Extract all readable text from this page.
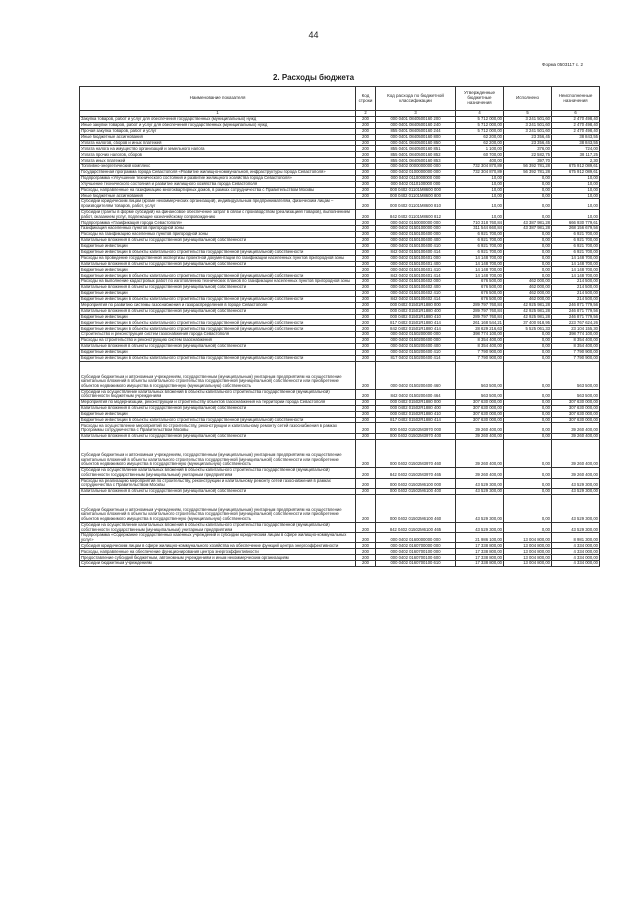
44
Форма 0503117 с. 2
2. Расходы бюджета
Наименование показателя	Код строки	Код расхода по бюджетной классификации	Утвержденные бюджетные назначения	Исполнено	Неисполненные назначения
1	2	3	4	5	6
Закупка товаров, работ и услуг для обеспечения государственных (муниципальных) нужд	200	000 0401 0840500160 200	5 712 000,00	3 241 501,60	2 470 498,40
Иные закупки товаров, работ и услуг для обеспечения государственных (муниципальных) нужд	200	000 0401 0840500160 240	5 712 000,00	3 241 501,60	2 470 498,40
Прочая закупка товаров, работ и услуг	200	855 0401 0840500160 244	5 712 000,00	3 241 501,60	2 470 498,40
Иные бюджетные ассигнования	200	000 0401 0840500160 800	62 200,00	23 356,45	38 843,55
Уплата налогов, сборов и иных платежей	200	000 0401 0840500160 850	62 200,00	23 356,45	38 843,55
Уплата налога на имущество организаций и земельного налога	200	855 0401 0840500160 851	1 100,00	376,00	724,00
Уплата прочих налогов, сборов	200	855 0401 0840500160 852	60 700,00	22 582,75	38 117,25
Уплата иных платежей	200	855 0401 0840500160 853	400,00	397,70	2,30
Топливно-энергетический комплекс	200	000 0402 0000000000 000	732 304 870,89	56 392 781,28	675 912 089,61
Государственная программа города Севастополя «Развитие жилищно-коммунальной, инфраструктуры города Севастополя»	200	000 0402 0100000000 000	732 304 870,89	56 392 781,28	675 912 089,61
Подпрограмма «Улучшение технического состояния и развитие жилищного хозяйства города Севастополя»	200	000 0402 0110000000 000	10,00	0,00	10,00
Улучшение технического состояния и развитие жилищного хозяйства города Севастополя	200	000 0402 0110100000 000	10,00	0,00	10,00
Расходы, направленные на газификацию многоквартирных домов, в рамках сотрудничества с Правительством Москвы	200	000 0402 01101М8600 000	10,00	0,00	10,00
Иные бюджетные ассигнования	200	000 0402 01101М8600 800	10,00	0,00	10,00
Субсидии юридическим лицам (кроме некоммерческих организаций), индивидуальным предпринимателям, физическим лицам – производителям товаров, работ, услуг	200	000 0402 01101М8600 810	10,00	0,00	10,00
Субсидии (гранты в форме субсидий) на финансовое обеспечение затрат в связи с производством (реализацией товаров), выполнением работ, оказанием услуг, подлежащие казначейскому сопровождению	200	842 0402 01101М8600 812	10,00	0,00	10,00
Подпрограмма «Газификация города Севастополя»	200	000 0402 0150000000 000	710 318 760,84	43 387 981,28	666 930 779,61
Газификация населенных пунктов пригородной зоны	200	000 0402 0150100000 000	311 544 660,84	43 387 981,28	268 156 679,56
Расходы на газификацию населенных пунктов пригородной зоны	200	000 0402 0150100400 000	6 921 700,00	0,00	6 921 700,00
Капитальные вложения в объекты государственной (муниципальной) собственности	200	000 0402 0150100400 400	6 921 700,00	0,00	6 921 700,00
Бюджетные инвестиции	200	000 0402 0150100400 410	6 921 700,00	0,00	6 921 700,00
Бюджетные инвестиции в объекты капитального строительства государственной (муниципальной) собственности	200	842 0402 0150100400 414	6 921 700,00	0,00	6 921 700,00
Расходы на проведение государственной экспертизы проектной документации по газификации населенных пунктов пригородной зоны	200	000 0402 0150100401 000	14 148 700,00	0,00	14 148 700,00
Капитальные вложения в объекты государственной (муниципальной) собственности	200	000 0402 0150100401 400	14 148 700,00	0,00	14 148 700,00
Бюджетные инвестиции	200	000 0402 0150100401 410	14 148 700,00	0,00	14 148 700,00
Бюджетные инвестиции в объекты капитального строительства государственной (муниципальной) собственности	200	842 0402 0150100401 414	14 148 700,00	0,00	14 148 700,00
Расходы на выполнение кадастровых работ по изготовлению технических планов по газификации населенных пунктов пригородной зоны	200	000 0402 0150100402 000	676 500,00	462 000,00	214 500,00
Капитальные вложения в объекты государственной (муниципальной) собственности	200	000 0402 0150100402 400	676 500,00	462 000,00	214 500,00
Бюджетные инвестиции	200	000 0402 0150100402 410	676 500,00	462 000,00	214 500,00
Бюджетные инвестиции в объекты капитального строительства государственной (муниципальной) собственности	200	842 0402 0150100402 414	676 500,00	462 000,00	214 500,00
Мероприятия по развитию системы газоснабжения и газораспределения в городе Севастополе	200	000 0402 01501R1880 000	289 797 760,84	42 925 981,28	246 871 779,56
Капитальные вложения в объекты государственной (муниципальной) собственности	200	000 0402 01501R1880 400	289 797 760,84	42 925 981,28	246 871 779,56
Бюджетные инвестиции	200	000 0402 01501R1880 410	289 797 760,84	42 925 981,28	246 871 779,56
Бюджетные инвестиции в объекты капитального строительства государственной (муниципальной) собственности	200	817 0402 01501R1880 414	261 168 544,21	37 400 918,95	223 767 624,26
Бюджетные инвестиции в объекты капитального строительства государственной (муниципальной) собственности	200	842 0402 01501R1880 414	28 629 216,63	5 525 061,33	23 104 155,30
Строительство и реконструкция систем газоснабжения города Севастополя	200	000 0402 0150200000 000	398 774 100,00	0,00	398 774 100,00
Расходы на строительство и реконструкцию систем газоснабжения	200	000 0402 0150200400 000	8 354 400,00	0,00	8 354 400,00
Капитальные вложения в объекты государственной (муниципальной) собственности	200	000 0402 0150200400 400	8 354 400,00	0,00	8 354 400,00
Бюджетные инвестиции	200	000 0402 0150200400 410	7 790 900,00	0,00	7 790 900,00
Бюджетные инвестиции в объекты капитального строительства государственной (муниципальной) собственности	200	817 0402 0150200400 414	7 790 900,00	0,00	7 790 900,00
Субсидии бюджетным и автономным учреждениям, государственным (муниципальным) унитарным предприятиям на осуществление капитальных вложений в объекты капитального строительства государственной (муниципальной) собственности или приобретение объектов недвижимого имущества в государственную (муниципальную) собственность	200	000 0402 0150200400 460	563 500,00	0,00	563 500,00
Субсидии на осуществление капитальных вложений в объекты капитального строительства государственной (муниципальной) собственности бюджетным учреждениям	200	842 0402 0150200400 464	563 500,00	0,00	563 500,00
Мероприятия по модернизации, реконструкции и строительству объектов газоснабжения на территории города Севастополя	200	000 0402 01502R1880 000	307 630 000,00	0,00	307 630 000,00
Капитальные вложения в объекты государственной (муниципальной) собственности	200	000 0402 01502R1880 400	307 630 000,00	0,00	307 630 000,00
Бюджетные инвестиции	200	000 0402 01502R1880 410	307 630 000,00	0,00	307 630 000,00
Бюджетные инвестиции в объекты капитального строительства государственной (муниципальной) собственности	200	817 0402 01502R1880 414	307 630 000,00	0,00	307 630 000,00
Расходы на осуществление мероприятий по строительству, реконструкции и капитальному ремонту сетей газоснабжения в рамках Программы сотрудничества с Правительством Москвы	200	000 0402 01502М3970 000	39 260 400,00	0,00	39 260 400,00
Капитальные вложения в объекты государственной (муниципальной) собственности	200	000 0402 01502М3970 400	39 260 400,00	0,00	39 260 400,00
Субсидии бюджетным и автономным учреждениям, государственным (муниципальным) унитарным предприятиям на осуществление капитальных вложений в объекты капитального строительства государственной (муниципальной) собственности или приобретение объектов недвижимого имущества в государственную (муниципальную) собственность	200	000 0402 01502М3970 460	39 260 400,00	0,00	39 260 400,00
Субсидии на осуществление капитальных вложений в объекты капитального строительства государственной (муниципальной) собственности государственным (муниципальным) унитарным предприятиям	200	842 0402 01502М3970 465	39 260 400,00	0,00	39 260 400,00
Расходы на реализацию мероприятий по строительству, реконструкции и капитальному ремонту сетей газоснабжения в рамках сотрудничества с Правительством Москвы	200	000 0402 01502М6100 000	43 529 300,00	0,00	43 529 300,00
Капитальные вложения в объекты государственной (муниципальной) собственности	200	000 0402 01502М6100 400	43 529 300,00	0,00	43 529 300,00
Субсидии бюджетным и автономным учреждениям, государственным (муниципальным) унитарным предприятиям на осуществление капитальных вложений в объекты капитального строительства государственной (муниципальной) собственности или приобретение объектов недвижимого имущества в государственную (муниципальную) собственность	200	000 0402 01502М6100 460	43 529 300,00	0,00	43 529 300,00
Субсидии на осуществление капитальных вложений в объекты капитального строительства государственной (муниципальной) собственности государственным (муниципальным) унитарным предприятиям	200	842 0402 01502М6100 465	43 529 300,00	0,00	43 529 300,00
Подпрограмма «Содержание государственных казенных учреждений и субсидии юридическим лицам в сфере жилищно-коммунальных услуг»	200	000 0402 0160000000 000	21 986 100,00	13 004 800,00	8 981 300,00
Субсидия юридическим лицам в сфере жилищно-коммунального хозяйства на обеспечение функций центра энергоэффективности	200	000 0402 0160700000 000	17 338 800,00	13 004 800,00	4 334 000,00
Расходы, направленные на обеспечение функционирования центра энергоэффективности	200	000 0402 0160700100 000	17 338 800,00	13 004 800,00	4 334 000,00
Предоставление субсидий бюджетным, автономным учреждениям и иным некоммерческим организациям	200	000 0402 0160700100 600	17 338 800,00	13 004 800,00	4 334 000,00
Субсидии бюджетным учреждениям	200	000 0402 0160700100 610	17 338 800,00	13 004 800,00	4 334 000,00
